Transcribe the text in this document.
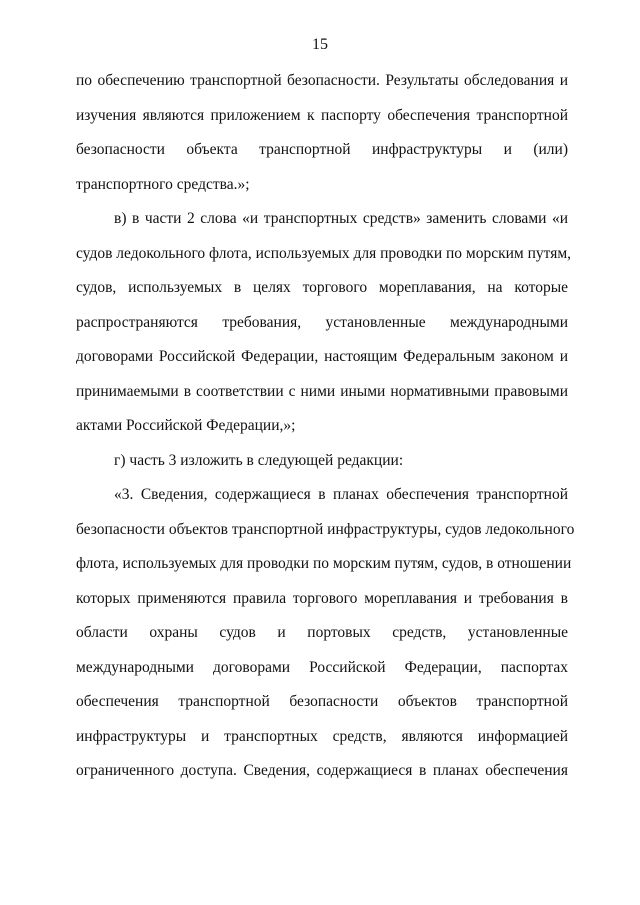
15
по обеспечению транспортной безопасности. Результаты обследования и
изучения являются приложением к паспорту обеспечения транспортной
безопасности объекта транспортной инфраструктуры и (или)
транспортного средства.»;
в) в части 2 слова «и транспортных средств» заменить словами «и
судов ледокольного флота, используемых для проводки по морским путям,
судов, используемых в целях торгового мореплавания, на которые
распространяются требования, установленные международными
договорами Российской Федерации, настоящим Федеральным законом и
принимаемыми в соответствии с ними иными нормативными правовыми
актами Российской Федерации,»;
г) часть 3 изложить в следующей редакции:
«3. Сведения, содержащиеся в планах обеспечения транспортной
безопасности объектов транспортной инфраструктуры, судов ледокольного
флота, используемых для проводки по морским путям, судов, в отношении
которых применяются правила торгового мореплавания и требования в
области охраны судов и портовых средств, установленные
международными договорами Российской Федерации, паспортах
обеспечения транспортной безопасности объектов транспортной
инфраструктуры и транспортных средств, являются информацией
ограниченного доступа. Сведения, содержащиеся в планах обеспечения
